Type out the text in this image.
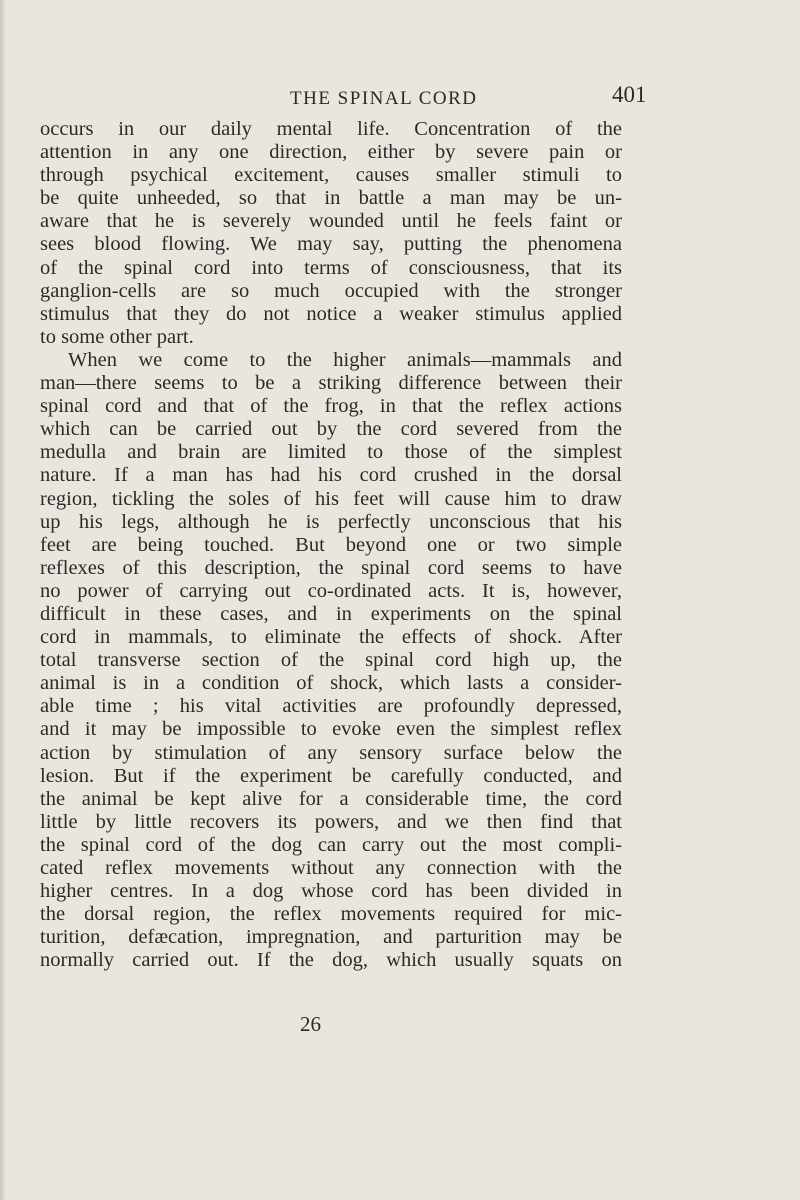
THE SPINAL CORD	401
occurs in our daily mental life. Concentration of the
attention in any one direction, either by severe pain or
through psychical excitement, causes smaller stimuli to
be quite unheeded, so that in battle a man may be un-
aware that he is severely wounded until he feels faint or
sees blood flowing. We may say, putting the phenomena
of the spinal cord into terms of consciousness, that its
ganglion-cells are so much occupied with the stronger
stimulus that they do not notice a weaker stimulus applied
to some other part.
When we come to the higher animals—mammals and
man—there seems to be a striking difference between their
spinal cord and that of the frog, in that the reflex actions
which can be carried out by the cord severed from the
medulla and brain are limited to those of the simplest
nature. If a man has had his cord crushed in the dorsal
region, tickling the soles of his feet will cause him to draw
up his legs, although he is perfectly unconscious that his
feet are being touched. But beyond one or two simple
reflexes of this description, the spinal cord seems to have
no power of carrying out co-ordinated acts. It is, however,
difficult in these cases, and in experiments on the spinal
cord in mammals, to eliminate the effects of shock. After
total transverse section of the spinal cord high up, the
animal is in a condition of shock, which lasts a consider-
able time ; his vital activities are profoundly depressed,
and it may be impossible to evoke even the simplest reflex
action by stimulation of any sensory surface below the
lesion. But if the experiment be carefully conducted, and
the animal be kept alive for a considerable time, the cord
little by little recovers its powers, and we then find that
the spinal cord of the dog can carry out the most compli-
cated reflex movements without any connection with the
higher centres. In a dog whose cord has been divided in
the dorsal region, the reflex movements required for mic-
turition, defæcation, impregnation, and parturition may be
normally carried out. If the dog, which usually squats on
26
